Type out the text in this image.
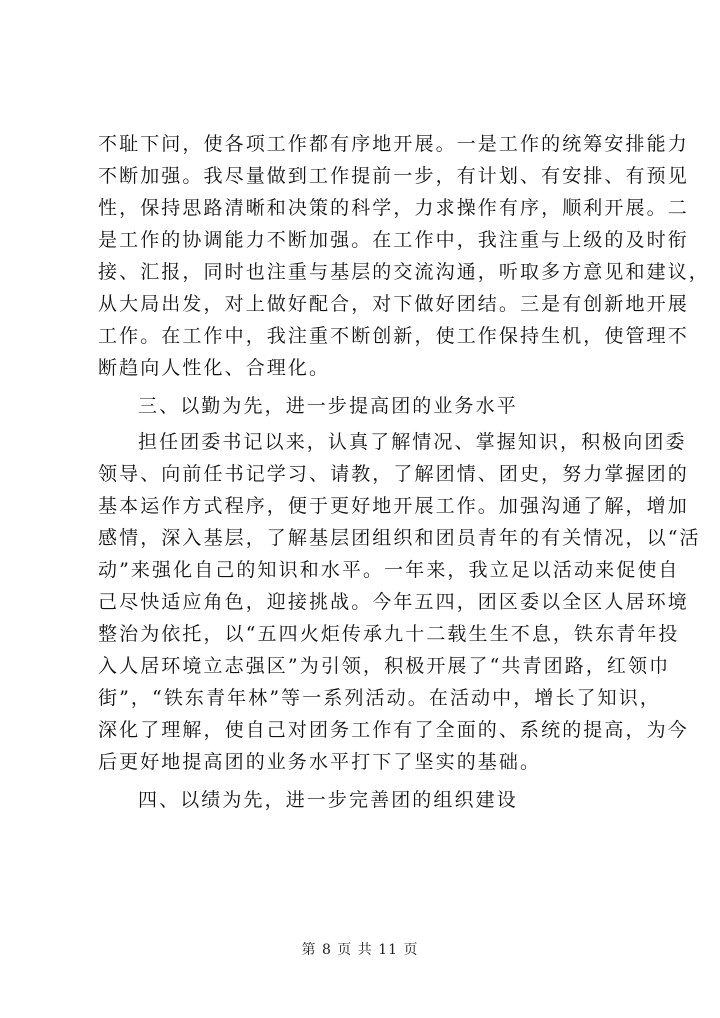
不耻下问，使各项工作都有序地开展。一是工作的统筹安排能力
不断加强。我尽量做到工作提前一步，有计划、有安排、有预见
性，保持思路清晰和决策的科学，力求操作有序，顺利开展。二
是工作的协调能力不断加强。在工作中，我注重与上级的及时衔
接、汇报，同时也注重与基层的交流沟通，听取多方意见和建议，
从大局出发，对上做好配合，对下做好团结。三是有创新地开展
工作。在工作中，我注重不断创新，使工作保持生机，使管理不
断趋向人性化、合理化。
三、以勤为先，进一步提高团的业务水平
担任团委书记以来，认真了解情况、掌握知识，积极向团委
领导、向前任书记学习、请教，了解团情、团史，努力掌握团的
基本运作方式程序，便于更好地开展工作。加强沟通了解，增加
感情，深入基层，了解基层团组织和团员青年的有关情况，以“活
动”来强化自己的知识和水平。一年来，我立足以活动来促使自
己尽快适应角色，迎接挑战。今年五四，团区委以全区人居环境
整治为依托，以“五四火炬传承九十二载生生不息，铁东青年投
入人居环境立志强区”为引领，积极开展了“共青团路，红领巾
街”，“铁东青年林”等一系列活动。在活动中，增长了知识，
深化了理解，使自己对团务工作有了全面的、系统的提高，为今
后更好地提高团的业务水平打下了坚实的基础。
四、以绩为先，进一步完善团的组织建设
第 8 页 共 11 页
